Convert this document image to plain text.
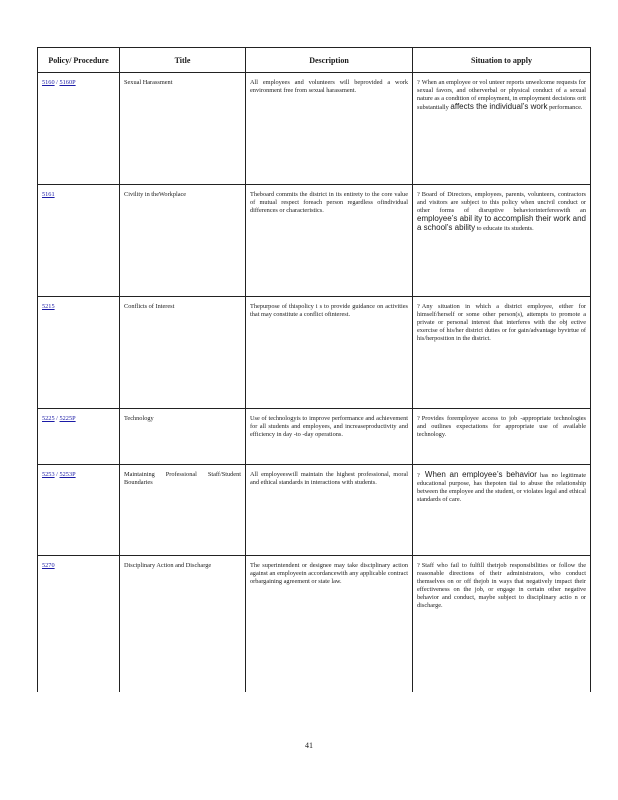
Policy/ Procedure	Title	Description	Situation to apply
5160 / 5160P	Sexual Harassment	All employees and volunteers will beprovided a work environment free from sexual harassment.	? When an employee or vol unteer reports unwelcome requests for sexual favors, and otherverbal or physical conduct of a sexual nature as a condition of employment, in employment decisions orit substantially affects the individual’s work performance.
5161	Civility in theWorkplace	Theboard commits the district in its entirety to the core value of mutual respect foreach person regardless ofindividual differences or characteristics.	? Board of Directors, employees, parents, volunteers, contractors and visitors are subject to this policy when uncivil conduct or other forms of disruptive behaviorinterfereswith an employee’s abil ity to accomplish their work and a school’s ability to educate its students.
5215	Conflicts of Interest	Thepurpose of thispolicy i s to provide guidance on activities that may constitute a conflict ofinterest.	? Any situation in which a district employee, either for himself/herself or some other person(s), attempts to promote a private or personal interest that interferes with the obj ective exercise of his/her district duties or for gain/advantage byvirtue of his/herposition in the district.
5225 / 5225P	Technology	Use of technologyis to improve performance and achievement for all students and employees, and increaseproductivity and efficiency in day -to -day operations.	? Provides foremployee access to job -appropriate technologies and outlines expectations for appropriate use of available technology.
5253 / 5253P	Maintaining Professional Staff/Student Boundaries	All employeeswill maintain the highest professional, moral and ethical standards in interactions with students.	? When an employee’s behavior has no legitimate educational purpose, has thepoten tial to abuse the relationship between the employee and the student, or violates legal and ethical standards of care.
5270	Disciplinary Action and Discharge	The superintendent or designee may take disciplinary action against an employeein accordancewith any applicable contract orbargaining agreement or state law.	? Staff who fail to fulfill theirjob responsibilities or follow the reasonable directions of their administrators, who conduct themselves on or off thejob in ways that negatively impact their effectiveness on the job, or engage in certain other negative behavior and conduct, maybe subject to disciplinary actio n or discharge.
41
